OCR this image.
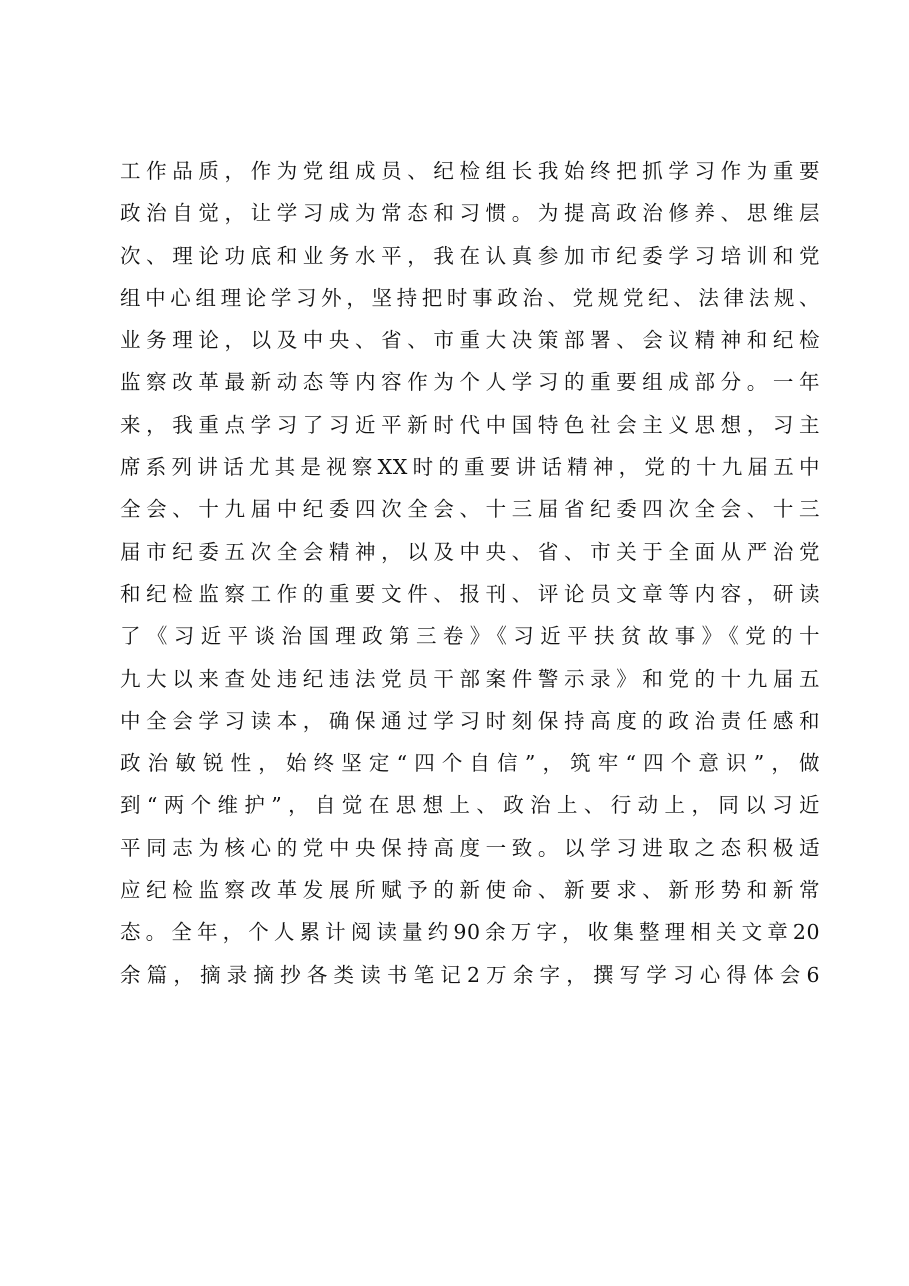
工作品质，作为党组成员、纪检组长我始终把抓学习作为重要
政治自觉，让学习成为常态和习惯。为提高政治修养、思维层
次、理论功底和业务水平，我在认真参加市纪委学习培训和党
组中心组理论学习外，坚持把时事政治、党规党纪、法律法规、
业务理论，以及中央、省、市重大决策部署、会议精神和纪检
监察改革最新动态等内容作为个人学习的重要组成部分。一年
来，我重点学习了习近平新时代中国特色社会主义思想，习主
席系列讲话尤其是视察XX时的重要讲话精神，党的十九届五中
全会、十九届中纪委四次全会、十三届省纪委四次全会、十三
届市纪委五次全会精神，以及中央、省、市关于全面从严治党
和纪检监察工作的重要文件、报刊、评论员文章等内容，研读
了《习近平谈治国理政第三卷》《习近平扶贫故事》《党的十
九大以来查处违纪违法党员干部案件警示录》和党的十九届五
中全会学习读本，确保通过学习时刻保持高度的政治责任感和
政治敏锐性，始终坚定“四个自信”，筑牢“四个意识”，做
到“两个维护”，自觉在思想上、政治上、行动上，同以习近
平同志为核心的党中央保持高度一致。以学习进取之态积极适
应纪检监察改革发展所赋予的新使命、新要求、新形势和新常
态。全年，个人累计阅读量约90余万字，收集整理相关文章20
余篇，摘录摘抄各类读书笔记2万余字，撰写学习心得体会6
